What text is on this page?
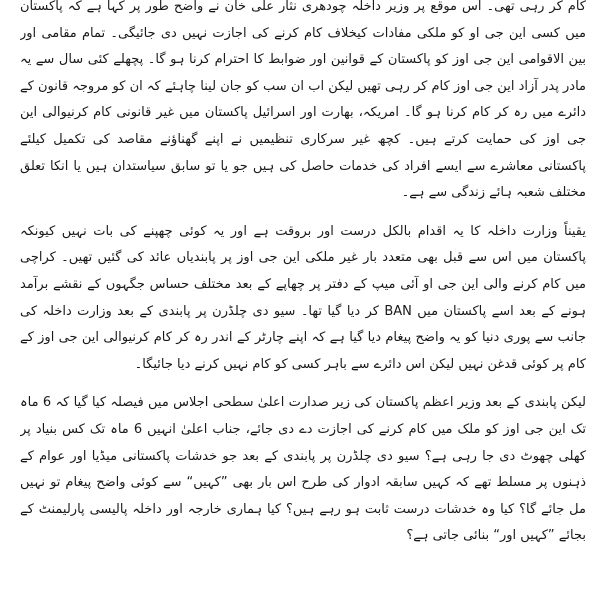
کام کر رہی تھی۔ اس موقع پر وزیر داخلہ چودھری نثار علی خان نے واضح طور پر کہا ہے کہ پاکستان میں کسی این جی او کو ملکی مفادات کیخلاف کام کرنے کی اجازت نہیں دی جائیگی۔ تمام مقامی اور بین الاقوامی این جی اوز کو پاکستان کے قوانین اور ضوابط کا احترام کرنا ہو گا۔ پچھلے کئی سال سے یہ مادر پدر آزاد این جی اوز کام کر رہی تھیں لیکن اب ان سب کو جان لینا چاہئے کہ ان کو مروجہ قانون کے دائرے میں رہ کر کام کرنا ہو گا۔ امریکہ، بھارت اور اسرائیل پاکستان میں غیر قانونی کام کرنیوالی این جی اوز کی حمایت کرتے ہیں۔ کچھ غیر سرکاری تنظیمیں نے اپنے گھناؤنے مقاصد کی تکمیل کیلئے پاکستانی معاشرے سے ایسے افراد کی خدمات حاصل کی ہیں جو یا تو سابق سیاستدان ہیں یا انکا تعلق مختلف شعبہ ہائے زندگی سے ہے۔

یقیناً وزارت داخلہ کا یہ اقدام بالکل درست اور بروقت ہے اور یہ کوئی چھپنے کی بات نہیں کیونکہ پاکستان میں اس سے قبل بھی متعدد بار غیر ملکی این جی اوز پر پابندیاں عائد کی گئیں تھیں۔ کراچی میں کام کرنے والی این جی او آئی میپ کے دفتر پر چھاپے کے بعد مختلف حساس جگہوں کے نقشے برآمد ہونے کے بعد اسے پاکستان میں BAN کر دیا گیا تھا۔ سیو دی چلڈرن پر پابندی کے بعد وزارت داخلہ کی جانب سے پوری دنیا کو یہ واضح پیغام دیا گیا ہے کہ اپنے چارٹر کے اندر رہ کر کام کرنیوالی این جی اوز کے کام پر کوئی قدغن نہیں لیکن اس دائرے سے باہر کسی کو کام نہیں کرنے دیا جائیگا۔

لیکن پابندی کے بعد وزیر اعظم پاکستان کی زیر صدارت اعلیٰ سطحی اجلاس میں فیصلہ کیا گیا کہ 6 ماہ تک این جی اوز کو ملک میں کام کرنے کی اجازت دے دی جائے، جناب اعلیٰ انہیں 6 ماہ تک کس بنیاد پر کھلی چھوٹ دی جا رہی ہے؟ سیو دی چلڈرن پر پابندی کے بعد جو خدشات پاکستانی میڈیا اور عوام کے ذہنوں پر مسلط تھے کہ کہیں سابقہ ادوار کی طرح اس بار بھی ”کہیں“ سے کوئی واضح پیغام تو نہیں مل جائے گا؟ کیا وہ خدشات درست ثابت ہو رہے ہیں؟ کیا ہماری خارجہ اور داخلہ پالیسی پارلیمنٹ کے بجائے ”کہیں اور“ بنائی جاتی ہے؟
